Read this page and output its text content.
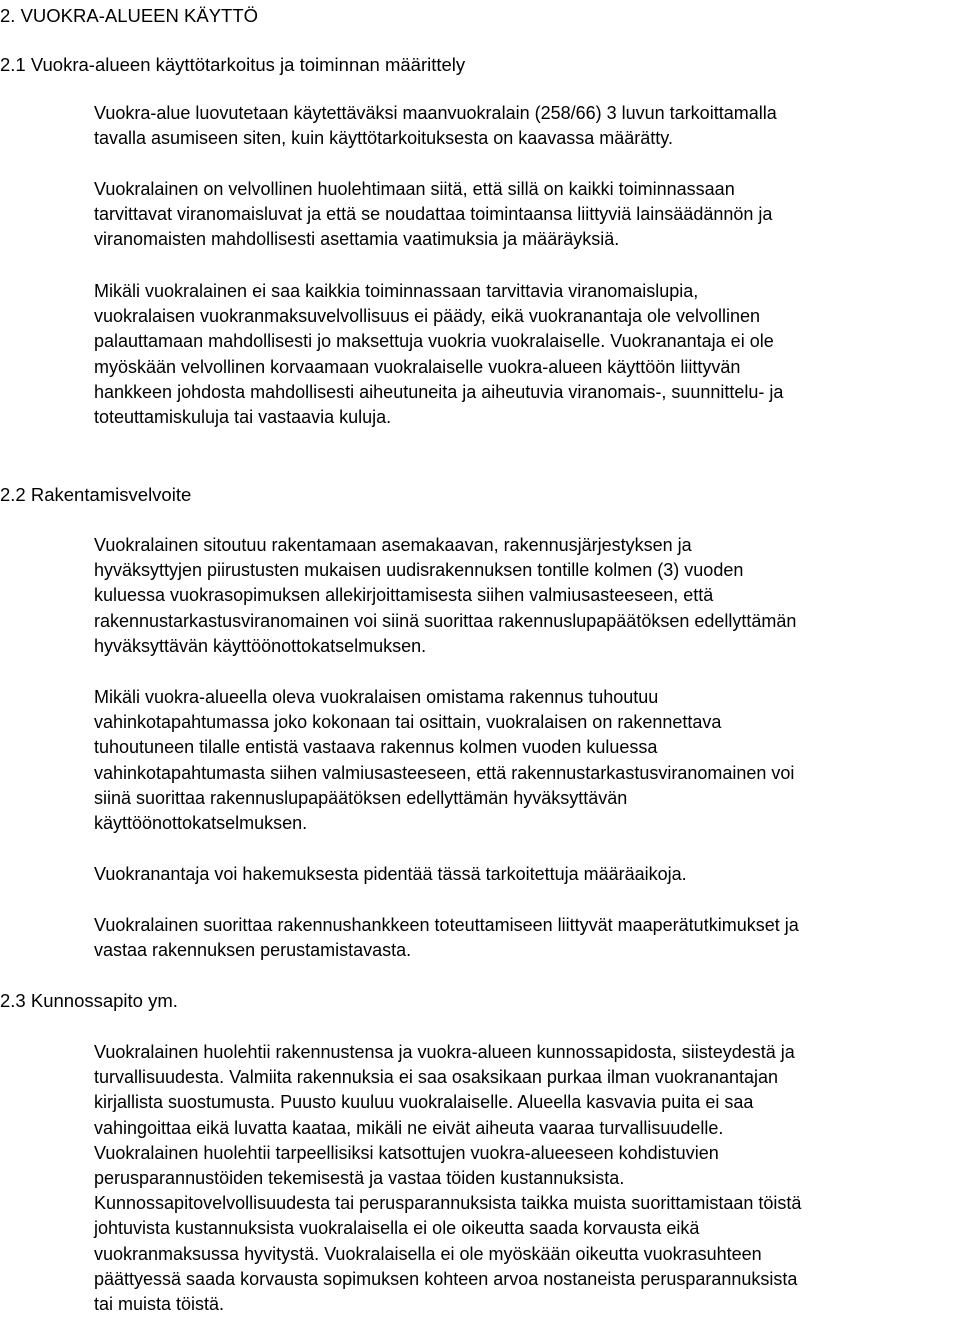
2. VUOKRA-ALUEEN KÄYTTÖ
2.1 Vuokra-alueen käyttötarkoitus ja toiminnan määrittely
Vuokra-alue luovutetaan käytettäväksi maanvuokralain (258/66) 3 luvun tarkoittamalla
tavalla asumiseen siten, kuin käyttötarkoituksesta on kaavassa määrätty.
Vuokralainen on velvollinen huolehtimaan siitä, että sillä on kaikki toiminnassaan
tarvittavat viranomaisluvat ja että se noudattaa toimintaansa liittyviä lainsäädännön ja
viranomaisten mahdollisesti asettamia vaatimuksia ja määräyksiä.
Mikäli vuokralainen ei saa kaikkia toiminnassaan tarvittavia viranomaislupia,
vuokralaisen vuokranmaksuvelvollisuus ei päädy, eikä vuokranantaja ole velvollinen
palauttamaan mahdollisesti jo maksettuja vuokria vuokralaiselle. Vuokranantaja ei ole
myöskään velvollinen korvaamaan vuokralaiselle vuokra-alueen käyttöön liittyvän
hankkeen johdosta mahdollisesti aiheutuneita ja aiheutuvia viranomais-, suunnittelu- ja
toteuttamiskuluja tai vastaavia kuluja.
2.2 Rakentamisvelvoite
Vuokralainen sitoutuu rakentamaan asemakaavan, rakennusjärjestyksen ja
hyväksyttyjen piirustusten mukaisen uudisrakennuksen tontille kolmen (3) vuoden
kuluessa vuokrasopimuksen allekirjoittamisesta siihen valmiusasteeseen, että
rakennustarkastusviranomainen voi siinä suorittaa rakennuslupapäätöksen edellyttämän
hyväksyttävän käyttöönottokatselmuksen.
Mikäli vuokra-alueella oleva vuokralaisen omistama rakennus tuhoutuu
vahinkotapahtumassa joko kokonaan tai osittain, vuokralaisen on rakennettava
tuhoutuneen tilalle entistä vastaava rakennus kolmen vuoden kuluessa
vahinkotapahtumasta siihen valmiusasteeseen, että rakennustarkastusviranomainen voi
siinä suorittaa rakennuslupapäätöksen edellyttämän hyväksyttävän
käyttöönottokatselmuksen.
Vuokranantaja voi hakemuksesta pidentää tässä tarkoitettuja määräaikoja.
Vuokralainen suorittaa rakennushankkeen toteuttamiseen liittyvät maaperätutkimukset ja
vastaa rakennuksen perustamistavasta.
2.3 Kunnossapito ym.
Vuokralainen huolehtii rakennustensa ja vuokra-alueen kunnossapidosta, siisteydestä ja
turvallisuudesta. Valmiita rakennuksia ei saa osaksikaan purkaa ilman vuokranantajan
kirjallista suostumusta. Puusto kuuluu vuokralaiselle. Alueella kasvavia puita ei saa
vahingoittaa eikä luvatta kaataa, mikäli ne eivät aiheuta vaaraa turvallisuudelle.
Vuokralainen huolehtii tarpeellisiksi katsottujen vuokra-alueeseen kohdistuvien
perusparannustöiden tekemisestä ja vastaa töiden kustannuksista.
Kunnossapitovelvollisuudesta tai perusparannuksista taikka muista suorittamistaan töistä
johtuvista kustannuksista vuokralaisella ei ole oikeutta saada korvausta eikä
vuokranmaksussa hyvitystä. Vuokralaisella ei ole myöskään oikeutta vuokrasuhteen
päättyessä saada korvausta sopimuksen kohteen arvoa nostaneista perusparannuksista
tai muista töistä.
